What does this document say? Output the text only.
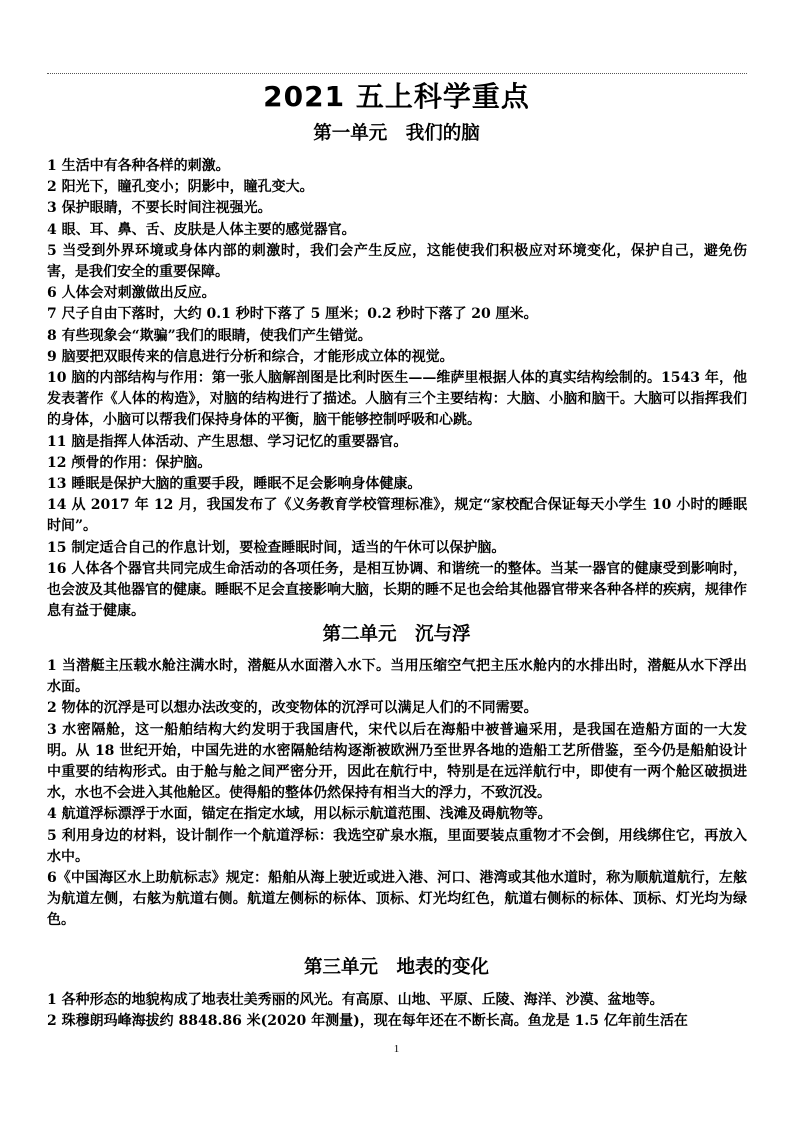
2021 五上科学重点
第一单元　我们的脑

1 生活中有各种各样的刺激。

2 阳光下，瞳孔变小；阴影中，瞳孔变大。

3 保护眼睛，不要长时间注视强光。

4 眼、耳、鼻、舌、皮肤是人体主要的感觉器官。

5 当受到外界环境或身体内部的刺激时，我们会产生反应，这能使我们积极应对环境变化，保护自己，避免伤害，是我们安全的重要保障。

6 人体会对刺激做出反应。

7 尺子自由下落时，大约 0.1 秒时下落了 5 厘米；0.2 秒时下落了 20 厘米。

8 有些现象会“欺骗”我们的眼睛，使我们产生错觉。

9 脑要把双眼传来的信息进行分析和综合，才能形成立体的视觉。

10 脑的内部结构与作用：第一张人脑解剖图是比利时医生——维萨里根据人体的真实结构绘制的。1543 年，他发表著作《人体的构造》，对脑的结构进行了描述。人脑有三个主要结构：大脑、小脑和脑干。大脑可以指挥我们的身体，小脑可以帮我们保持身体的平衡，脑干能够控制呼吸和心跳。

11 脑是指挥人体活动、产生思想、学习记忆的重要器官。

12 颅骨的作用：保护脑。

13 睡眠是保护大脑的重要手段，睡眠不足会影响身体健康。

14 从 2017 年 12 月，我国发布了《义务教育学校管理标准》，规定“家校配合保证每天小学生 10 小时的睡眠时间”。

15 制定适合自己的作息计划，要检查睡眠时间，适当的午休可以保护脑。

16 人体各个器官共同完成生命活动的各项任务，是相互协调、和谐统一的整体。当某一器官的健康受到影响时，也会波及其他器官的健康。睡眠不足会直接影响大脑，长期的睡不足也会给其他器官带来各种各样的疾病，规律作息有益于健康。

第二单元　沉与浮

1 当潜艇主压载水舱注满水时，潜艇从水面潜入水下。当用压缩空气把主压水舱内的水排出时，潜艇从水下浮出水面。

2 物体的沉浮是可以想办法改变的，改变物体的沉浮可以满足人们的不同需要。

3 水密隔舱，这一船舶结构大约发明于我国唐代，宋代以后在海船中被普遍采用，是我国在造船方面的一大发明。从 18 世纪开始，中国先进的水密隔舱结构逐渐被欧洲乃至世界各地的造船工艺所借鉴，至今仍是船舶设计中重要的结构形式。由于舱与舱之间严密分开，因此在航行中，特别是在远洋航行中，即使有一两个舱区破损进水，水也不会进入其他舱区。使得船的整体仍然保持有相当大的浮力，不致沉没。

4 航道浮标漂浮于水面，锚定在指定水域，用以标示航道范围、浅滩及碍航物等。

5 利用身边的材料，设计制作一个航道浮标：我选空矿泉水瓶，里面要装点重物才不会倒，用线绑住它，再放入水中。

6《中国海区水上助航标志》规定：船舶从海上驶近或进入港、河口、港湾或其他水道时，称为顺航道航行，左舷为航道左侧，右舷为航道右侧。航道左侧标的标体、顶标、灯光均红色，航道右侧标的标体、顶标、灯光均为绿色。

第三单元　地表的变化

1 各种形态的地貌构成了地表壮美秀丽的风光。有高原、山地、平原、丘陵、海洋、沙漠、盆地等。

2 珠穆朗玛峰海拔约 8848.86 米(2020 年测量)，现在每年还在不断长高。鱼龙是 1.5 亿年前生活在

1
